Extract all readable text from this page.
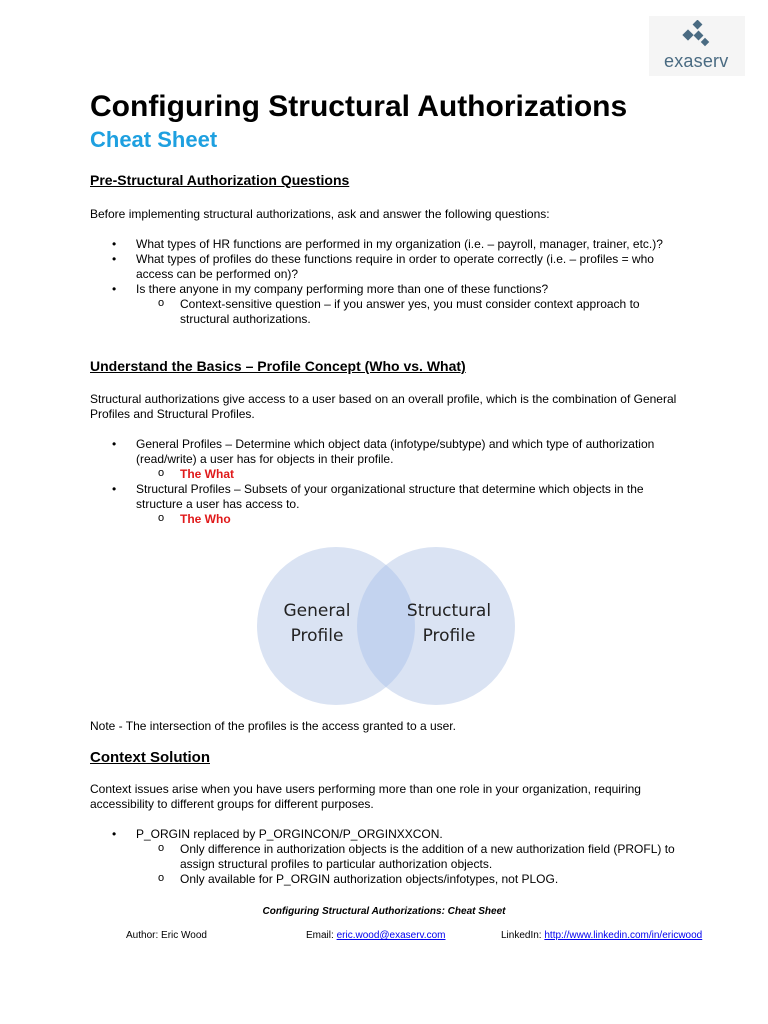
exaserv
Configuring Structural Authorizations
Cheat Sheet
Pre-Structural Authorization Questions

Before implementing structural authorizations, ask and answer the following questions:

• What types of HR functions are performed in my organization (i.e. – payroll, manager, trainer, etc.)?
• What types of profiles do these functions require in order to operate correctly (i.e. – profiles = who access can be performed on)?
• Is there anyone in my company performing more than one of these functions?
o Context-sensitive question – if you answer yes, you must consider context approach to structural authorizations.
Understand the Basics – Profile Concept (Who vs. What)

Structural authorizations give access to a user based on an overall profile, which is the combination of General Profiles and Structural Profiles.

• General Profiles – Determine which object data (infotype/subtype) and which type of authorization (read/write) a user has for objects in their profile.
o The What
• Structural Profiles – Subsets of your organizational structure that determine which objects in the structure a user has access to.
o The Who
General
Profile
Structural
Profile

Note - The intersection of the profiles is the access granted to a user.

Context Solution

Context issues arise when you have users performing more than one role in your organization, requiring accessibility to different groups for different purposes.

• P_ORGIN replaced by P_ORGINCON/P_ORGINXXCON.
o Only difference in authorization objects is the addition of a new authorization field (PROFL) to assign structural profiles to particular authorization objects.
o Only available for P_ORGIN authorization objects/infotypes, not PLOG.
Configuring Structural Authorizations: Cheat Sheet
Author: Eric Wood	Email: eric.wood@exaserv.com	LinkedIn: http://www.linkedin.com/in/ericwood
